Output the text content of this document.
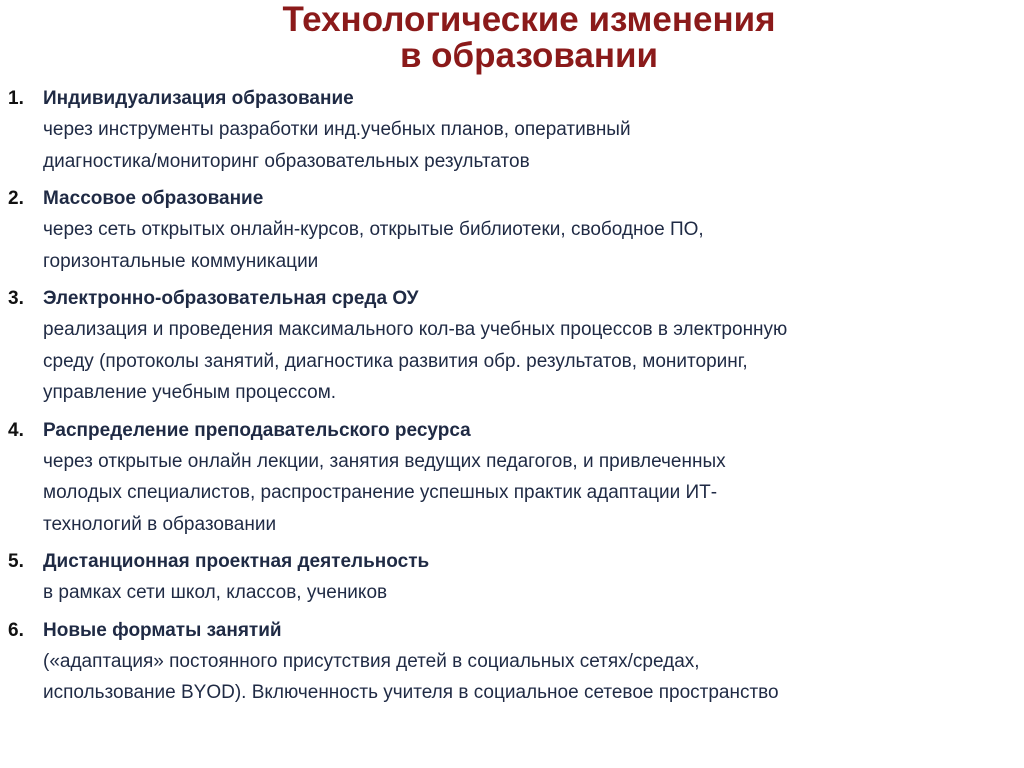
Технологические изменения
в образовании
1. Индивидуализация образование
через инструменты разработки инд.учебных планов, оперативный
диагностика/мониторинг образовательных результатов
2. Массовое образование
через сеть открытых онлайн-курсов, открытые библиотеки, свободное ПО,
горизонтальные коммуникации
3. Электронно-образовательная среда ОУ
реализация и проведения максимального кол-ва учебных процессов в электронную
среду (протоколы занятий, диагностика развития обр. результатов, мониторинг,
управление учебным процессом.
4. Распределение преподавательского ресурса
через открытые онлайн лекции, занятия ведущих педагогов, и привлеченных
молодых специалистов, распространение успешных практик адаптации ИТ-
технологий в образовании
5. Дистанционная проектная деятельность
в рамках сети школ, классов, учеников
6. Новые форматы занятий
(«адаптация» постоянного присутствия детей в социальных сетях/средах,
использование BYOD). Включенность учителя в социальное сетевое пространство
